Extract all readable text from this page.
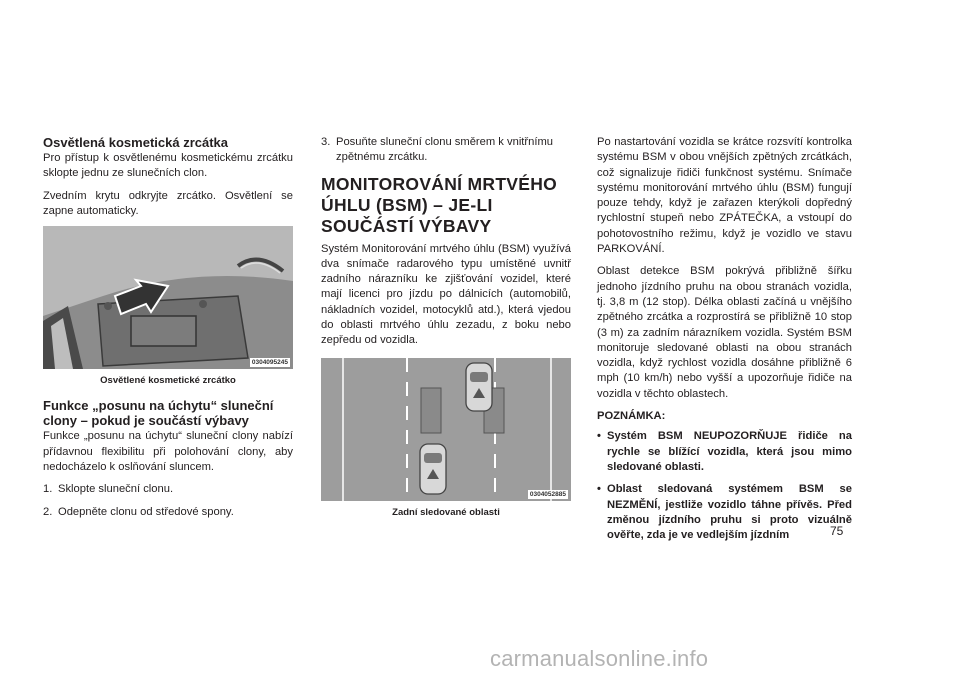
Osvětlená kosmetická zrcátka

Pro přístup k osvětlenému kosmetickému zrcátku sklopte jednu ze slunečních clon.

Zvedním krytu odkryjte zrcátko. Osvětlení se zapne automaticky.

0304095245
Osvětlené kosmetické zrcátko
Funkce „posunu na úchytu“ sluneční clony – pokud je součástí výbavy

Funkce „posunu na úchytu“ sluneční clony nabízí přídavnou flexibilitu při polohování clony, aby nedocházelo k oslňování sluncem.

1. Sklopte sluneční clonu.
2. Odepněte clonu od středové spony.
3. Posuňte sluneční clonu směrem k vnitřnímu zpětnému zrcátku.
MONITOROVÁNÍ MRTVÉHO ÚHLU (BSM) – JE-LI SOUČÁSTÍ VÝBAVY

Systém Monitorování mrtvého úhlu (BSM) využívá dva snímače radarového typu umístěné uvnitř zadního nárazníku ke zjišťování vozidel, které mají licenci pro jízdu po dálnicích (automobilů, nákladních vozidel, motocyklů atd.), která vjedou do oblasti mrtvého úhlu zezadu, z boku nebo zepředu od vozidla.

0304052885
Zadní sledované oblasti

Po nastartování vozidla se krátce rozsvítí kontrolka systému BSM v obou vnějších zpětných zrcátkách, což signalizuje řidiči funkčnost systému. Snímače systému monitorování mrtvého úhlu (BSM) fungují pouze tehdy, když je zařazen kterýkoli dopředný rychlostní stupeň nebo ZPÁTEČKA, a vstoupí do pohotovostního režimu, když je vozidlo ve stavu PARKOVÁNÍ.

Oblast detekce BSM pokrývá přibližně šířku jednoho jízdního pruhu na obou stranách vozidla, tj. 3,8 m (12 stop). Délka oblasti začíná u vnějšího zpětného zrcátka a rozprostírá se přibližně 10 stop (3 m) za zadním nárazníkem vozidla. Systém BSM monitoruje sledované oblasti na obou stranách vozidla, když rychlost vozidla dosáhne přibližně 6 mph (10 km/h) nebo vyšší a upozorňuje řidiče na vozidla v těchto oblastech.

POZNÁMKA:
• Systém BSM NEUPOZORŇUJE řidiče na rychle se blížící vozidla, která jsou mimo sledované oblasti.
• Oblast sledovaná systémem BSM se NEZMĚNÍ, jestliže vozidlo táhne přívěs. Před změnou jízdního pruhu si proto vizuálně ověřte, zda je ve vedlejším jízdním	75
carmanualsonline.info
